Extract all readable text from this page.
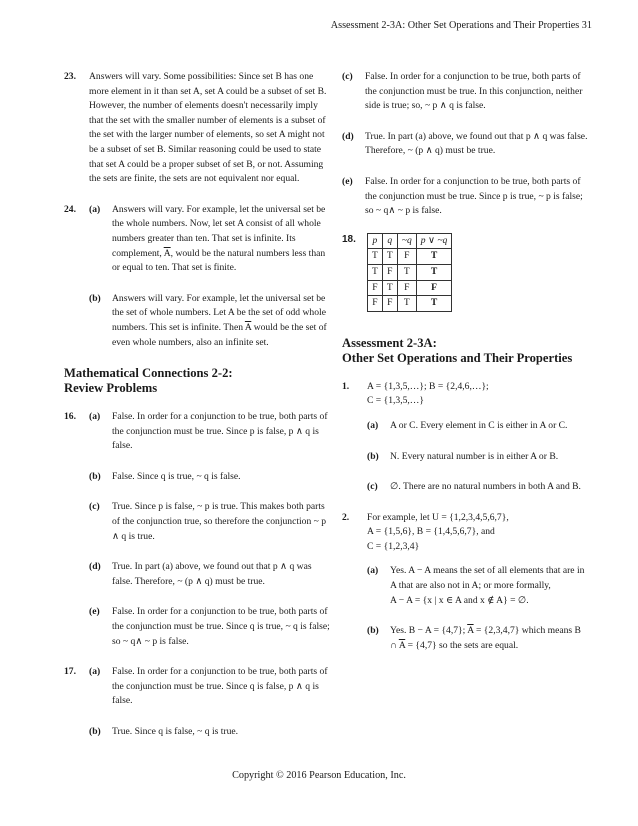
Assessment 2-3A: Other Set Operations and Their Properties 31
23. Answers will vary. Some possibilities: Since set B has one more element in it than set A, set A could be a subset of set B. However, the number of elements doesn't necessarily imply that the set with the smaller number of elements is a subset of the set with the larger number of elements, so set A might not be a subset of set B. Similar reasoning could be used to state that set A could be a proper subset of set B, or not. Assuming the sets are finite, the sets are not equivalent nor equal.
24. (a) Answers will vary. For example, let the universal set be the whole numbers. Now, let set A consist of all whole numbers greater than ten. That set is infinite. Its complement, $\overline{A}$, would be the natural numbers less than or equal to ten. That set is finite.
(b) Answers will vary. For example, let the universal set be the set of whole numbers. Let A be the set of odd whole numbers. This set is infinite. Then $\overline{A}$ would be the set of even whole numbers, also an infinite set.
Mathematical Connections 2-2:
Review Problems
16. (a) False. In order for a conjunction to be true, both parts of the conjunction must be true. Since p is false, p ∧ q is false.
(b) False. Since q is true, ~ q is false.
(c) True. Since p is false, ~ p is true. This makes both parts of the conjunction true, so therefore the conjunction ~ p ∧ q is true.
(d) True. In part (a) above, we found out that p ∧ q was false. Therefore, ~ (p ∧ q) must be true.
(e) False. In order for a conjunction to be true, both parts of the conjunction must be true. Since q is true, ~ q is false; so ~ q∧ ~ p is false.
17. (a) False. In order for a conjunction to be true, both parts of the conjunction must be true. Since q is false, p ∧ q is false.
(b) True. Since q is false, ~ q is true.
(c) False. In order for a conjunction to be true, both parts of the conjunction must be true. In this conjunction, neither side is true; so, ~ p ∧ q is false.
(d) True. In part (a) above, we found out that p ∧ q was false. Therefore, ~ (p ∧ q) must be true.
(e) False. In order for a conjunction to be true, both parts of the conjunction must be true. Since p is true, ~ p is false; so ~ q∧ ~ p is false.
18. p	q	~q	p ∨ ~q
T	T	F	T
T	F	T	T
F	T	F	F
F	F	T	T
Assessment 2-3A:
Other Set Operations and Their Properties
1. A = {1,3,5,…}; B = {2,4,6,…};
C = {1,3,5,…}
(a) A or C. Every element in C is either in A or C.
(b) N. Every natural number is in either A or B.
(c) ∅. There are no natural numbers in both A and B.
2. For example, let U = {1,2,3,4,5,6,7},
A = {1,5,6}, B = {1,4,5,6,7}, and
C = {1,2,3,4}
(a) Yes. A − A means the set of all elements that are in A that are also not in A; or more formally,
A − A = {x | x ∈ A and x ∉ A} = ∅.
(b) Yes. B − A = {4,7}; $\overline{A} = \{2,3,4,7\}$ which means B ∩ $\overline{A} = \{4,7\}$ so the sets are equal.
Copyright © 2016 Pearson Education, Inc.
